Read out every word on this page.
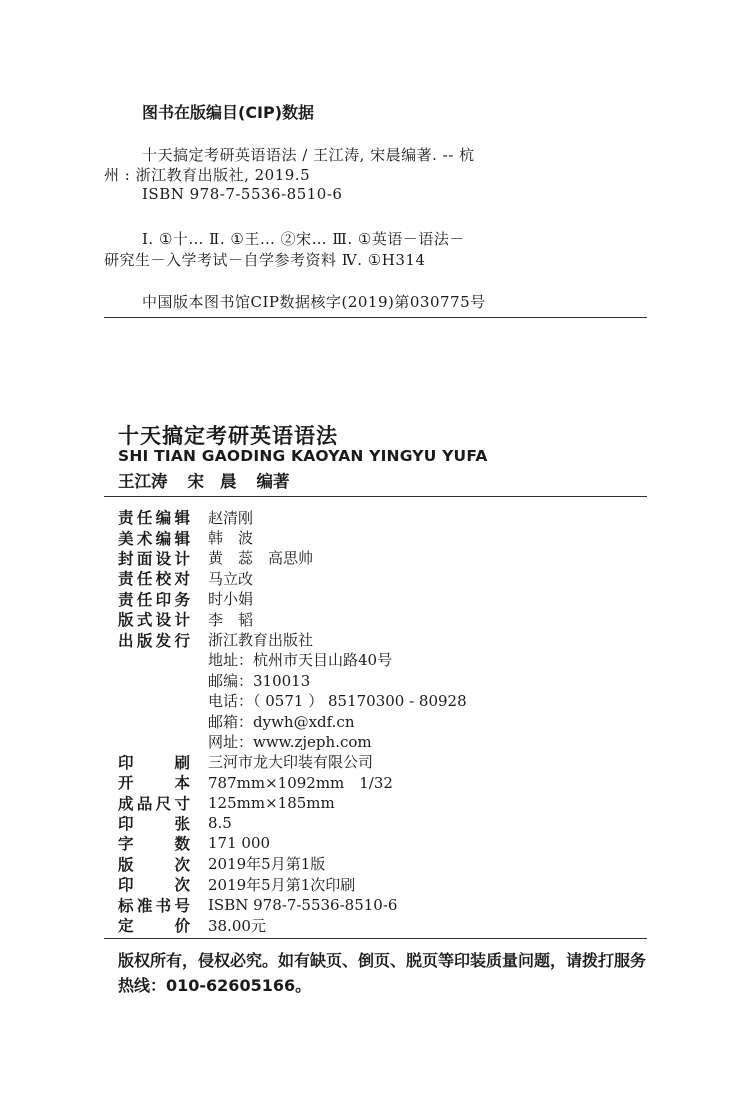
图书在版编目(CIP)数据
十天搞定考研英语语法 / 王江涛, 宋晨编著. -- 杭
州 : 浙江教育出版社, 2019.5
ISBN 978-7-5536-8510-6
Ⅰ. ①十… Ⅱ. ①王… ②宋… Ⅲ. ①英语－语法－
研究生－入学考试－自学参考资料 Ⅳ. ①H314
中国版本图书馆CIP数据核字(2019)第030775号
十天搞定考研英语语法
SHI TIAN GAODING KAOYAN YINGYU YUFA
王江涛 宋 晨 编著
责 任 编 辑 赵清刚
美 术 编 辑 韩　波
封 面 设 计 黄　蕊　高思帅
责 任 校 对 马立改
责 任 印 务 时小娟
版 式 设 计 李　韬
出 版 发 行 浙江教育出版社
地址：杭州市天目山路40号
邮编：310013
电话：（ 0571 ） 85170300 - 80928
邮箱：dywh@xdf.cn
网址：www.zjeph.com
印	刷 三河市龙大印装有限公司
开	本 787mm×1092mm　1/32
成 品 尺 寸 125mm×185mm
印	张 8.5
字	数 171 000
版	次 2019年5月第1版
印	次 2019年5月第1次印刷
标 准 书 号 ISBN 978-7-5536-8510-6
定	价 38.00元
版权所有，侵权必究。如有缺页、倒页、脱页等印装质量问题，请拨打服务热线：010-62605166。
